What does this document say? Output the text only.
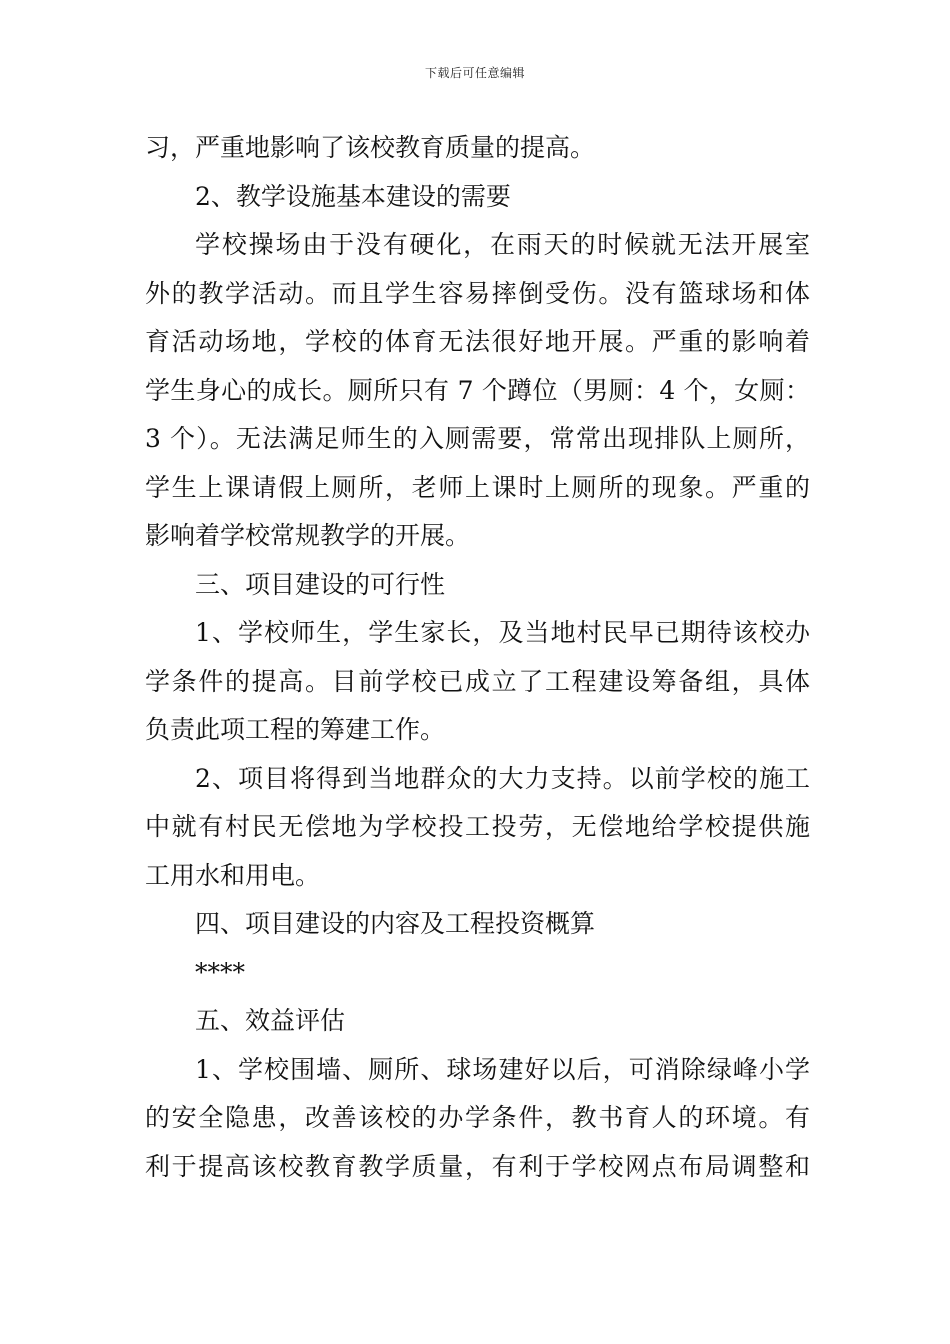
下载后可任意编辑
习，严重地影响了该校教育质量的提高。
2、教学设施基本建设的需要
学校操场由于没有硬化，在雨天的时候就无法开展室
外的教学活动。而且学生容易摔倒受伤。没有篮球场和体
育活动场地，学校的体育无法很好地开展。严重的影响着
学生身心的成长。厕所只有 7 个蹲位（男厕：4 个，女厕：
3 个）。无法满足师生的入厕需要，常常出现排队上厕所，
学生上课请假上厕所，老师上课时上厕所的现象。严重的
影响着学校常规教学的开展。
三、项目建设的可行性
1、学校师生，学生家长，及当地村民早已期待该校办
学条件的提高。目前学校已成立了工程建设筹备组，具体
负责此项工程的筹建工作。
2、项目将得到当地群众的大力支持。以前学校的施工
中就有村民无偿地为学校投工投劳，无偿地给学校提供施
工用水和用电。
四、项目建设的内容及工程投资概算
****
五、效益评估
1、学校围墙、厕所、球场建好以后，可消除绿峰小学
的安全隐患，改善该校的办学条件，教书育人的环境。有
利于提高该校教育教学质量，有利于学校网点布局调整和
